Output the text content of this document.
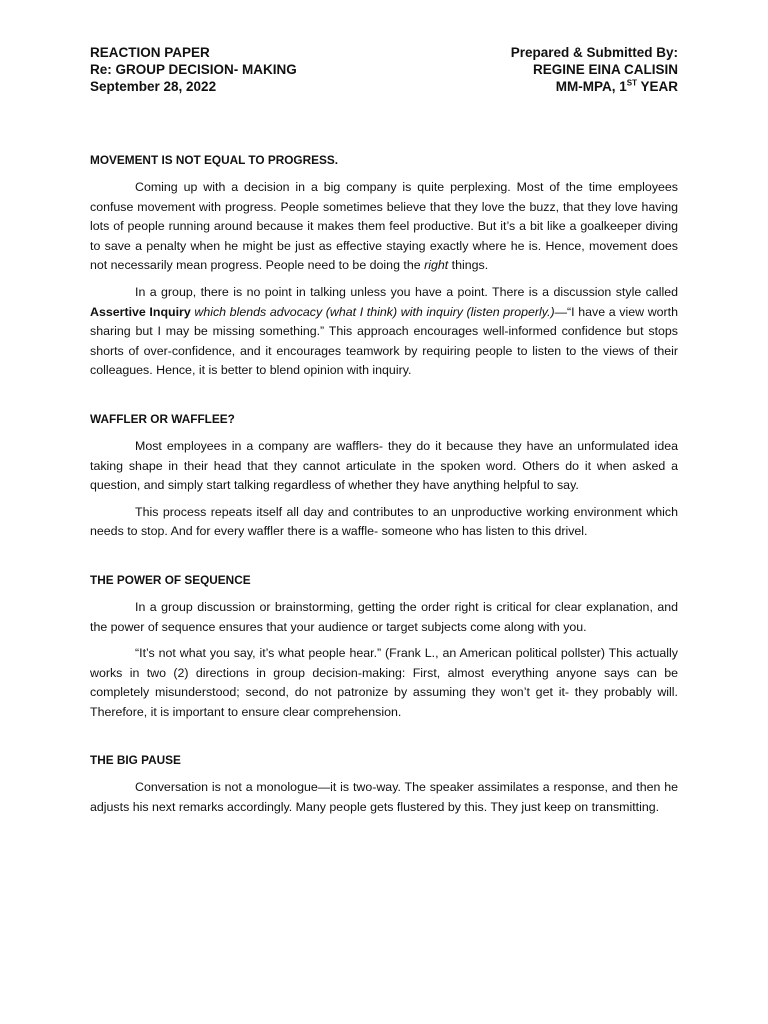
REACTION PAPER
Re: GROUP DECISION- MAKING
September 28, 2022
Prepared & Submitted By:
REGINE EINA CALISIN
MM-MPA, 1ST YEAR
MOVEMENT IS NOT EQUAL TO PROGRESS.

Coming up with a decision in a big company is quite perplexing. Most of the time employees confuse movement with progress. People sometimes believe that they love the buzz, that they love having lots of people running around because it makes them feel productive. But it’s a bit like a goalkeeper diving to save a penalty when he might be just as effective staying exactly where he is. Hence, movement does not necessarily mean progress. People need to be doing the right things.

In a group, there is no point in talking unless you have a point. There is a discussion style called Assertive Inquiry which blends advocacy (what I think) with inquiry (listen properly.)—“I have a view worth sharing but I may be missing something.” This approach encourages well-informed confidence but stops shorts of over-confidence, and it encourages teamwork by requiring people to listen to the views of their colleagues. Hence, it is better to blend opinion with inquiry.

WAFFLER OR WAFFLEE?

Most employees in a company are wafflers- they do it because they have an unformulated idea taking shape in their head that they cannot articulate in the spoken word. Others do it when asked a question, and simply start talking regardless of whether they have anything helpful to say.

This process repeats itself all day and contributes to an unproductive working environment which needs to stop. And for every waffler there is a waffle- someone who has listen to this drivel.

THE POWER OF SEQUENCE

In a group discussion or brainstorming, getting the order right is critical for clear explanation, and the power of sequence ensures that your audience or target subjects come along with you.

“It’s not what you say, it’s what people hear.” (Frank L., an American political pollster) This actually works in two (2) directions in group decision-making: First, almost everything anyone says can be completely misunderstood; second, do not patronize by assuming they won’t get it- they probably will. Therefore, it is important to ensure clear comprehension.

THE BIG PAUSE

Conversation is not a monologue—it is two-way. The speaker assimilates a response, and then he adjusts his next remarks accordingly. Many people gets flustered by this. They just keep on transmitting.
